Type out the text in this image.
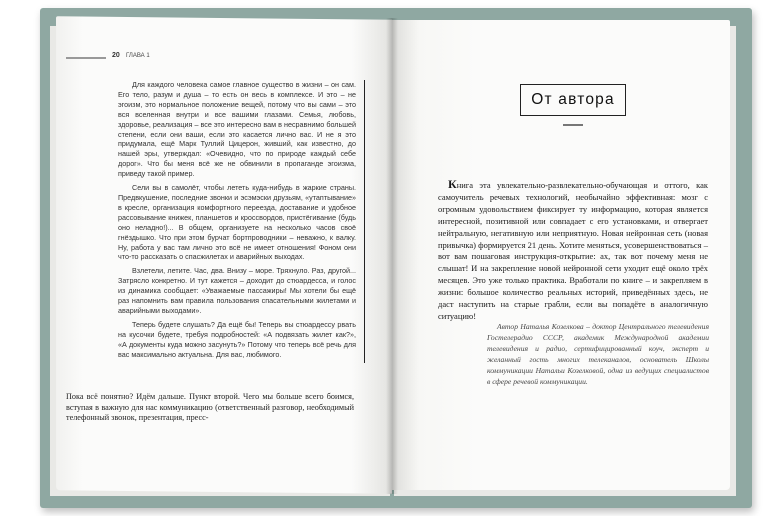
20 ГЛАВА 1

Для каждого человека самое главное существо в жизни – он сам. Его тело, разум и душа – то есть он весь в комплексе. И это – не эгоизм, это нормальное положение вещей, потому что вы сами – это вся вселенная внутри и все вашими глазами. Семья, любовь, здоровье, реализация – все это интересно вам в несравнимо большей степени, если они ваши, если это касается лично вас. И не я это придумала, ещё Марк Туллий Цицерон, живший, как известно, до нашей эры, утверждал: «Очевидно, что по природе каждый себе дорог». Что бы меня всё же не обвинили в пропаганде эгоизма, приведу такой пример.

Сели вы в самолёт, чтобы лететь куда-нибудь в жаркие страны. Предвкушение, последние звонки и эсэмэски друзьям, «утаптывание» в кресле, организация комфортного переезда, доставание и удобное рассовывание книжек, планшетов и кроссвордов, пристёгивание (будь оно неладно!)... В общем, организуете на несколько часов своё гнёздышко. Что при этом бурчат бортпроводники – неважно, к валку. Ну, работа у вас там лично это всё не имеет отношения! Фоном они что-то рассказать о спасжилетах и аварийных выходах.

Взлетели, летите. Час, два. Внизу – море. Тряхнуло. Раз, другой... Затрясло конкретно. И тут кажется – доходит до стюардесса, и голос из динамика сообщает: «Уважаемые пассажиры! Мы хотели бы ещё раз напомнить вам правила пользования спасательными жилетами и аварийными выходами».

Теперь будете слушать? Да ещё бы! Теперь вы стюардессу рвать на кусочки будете, требуя подробностей: «А подвязать жилет как?», «А документы куда можно засунуть?» Потому что теперь всё речь для вас максимально актуальна. Для вас, любимого.

Пока всё понятно? Идём дальше. Пункт второй. Чего мы больше всего боимся, вступая в важную для нас коммуникацию (ответственный разговор, необходимый телефонный звонок, презентация, пресс-

От автора

Книга эта увлекательно-развлекательно-обучающая и оттого, как самоучитель речевых технологий, необычайно эффективная: мозг с огромным удовольствием фиксирует ту информацию, которая является интересной, позитивной или совпадает с его установками, и отвергает нейтральную, негативную или неприятную. Новая нейронная сеть (новая привычка) формируется 21 день. Хотите меняться, усовершенствоваться – вот вам пошаговая инструкция-открытие: ах, так вот почему меня не слышат! И на закрепление новой нейронной сети уходит ещё около трёх месяцев. Это уже только практика. Вработали по книге – и закрепляем в жизни: большое количество реальных историй, приведённых здесь, не даст наступить на старые грабли, если вы попадёте в аналогичную ситуацию!

Автор Наталья Козелкова – доктор Центрального телевидения Гостелерадио СССР, академик Международной академии телевидения и радио, сертифицированный коуч, эксперт и желанный гость многих телеканалов, основатель Школы коммуникации Натальи Козелковой, одна из ведущих специалистов в сфере речевой коммуникации.
